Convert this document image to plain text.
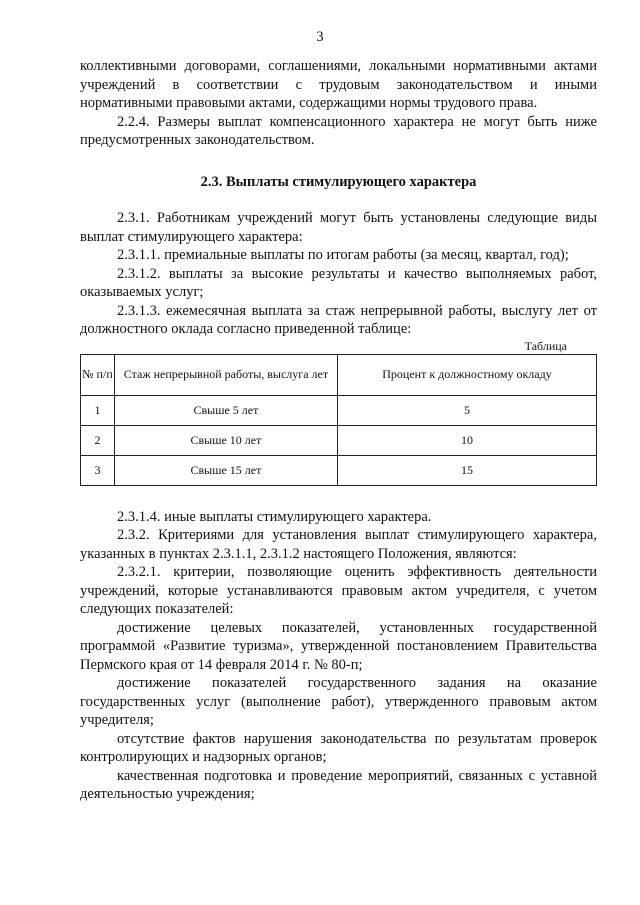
3

коллективными договорами, соглашениями, локальными нормативными актами учреждений в соответствии с трудовым законодательством и иными нормативными правовыми актами, содержащими нормы трудового права.

2.2.4. Размеры выплат компенсационного характера не могут быть ниже предусмотренных законодательством.

2.3. Выплаты стимулирующего характера

2.3.1. Работникам учреждений могут быть установлены следующие виды выплат стимулирующего характера:

2.3.1.1. премиальные выплаты по итогам работы (за месяц, квартал, год);

2.3.1.2. выплаты за высокие результаты и качество выполняемых работ, оказываемых услуг;

2.3.1.3. ежемесячная выплата за стаж непрерывной работы, выслугу лет от должностного оклада согласно приведенной таблице:

Таблица

№ п/п	Стаж непрерывной работы, выслуга лет	Процент к должностному окладу
1	Свыше 5 лет	5
2	Свыше 10 лет	10
3	Свыше 15 лет	15

2.3.1.4. иные выплаты стимулирующего характера.

2.3.2. Критериями для установления выплат стимулирующего характера, указанных в пунктах 2.3.1.1, 2.3.1.2 настоящего Положения, являются:

2.3.2.1. критерии, позволяющие оценить эффективность деятельности учреждений, которые устанавливаются правовым актом учредителя, с учетом следующих показателей:

достижение целевых показателей, установленных государственной программой «Развитие туризма», утвержденной постановлением Правительства Пермского края от 14 февраля 2014 г. № 80-п;

достижение показателей государственного задания на оказание государственных услуг (выполнение работ), утвержденного правовым актом учредителя;

отсутствие фактов нарушения законодательства по результатам проверок контролирующих и надзорных органов;

качественная подготовка и проведение мероприятий, связанных с уставной деятельностью учреждения;
